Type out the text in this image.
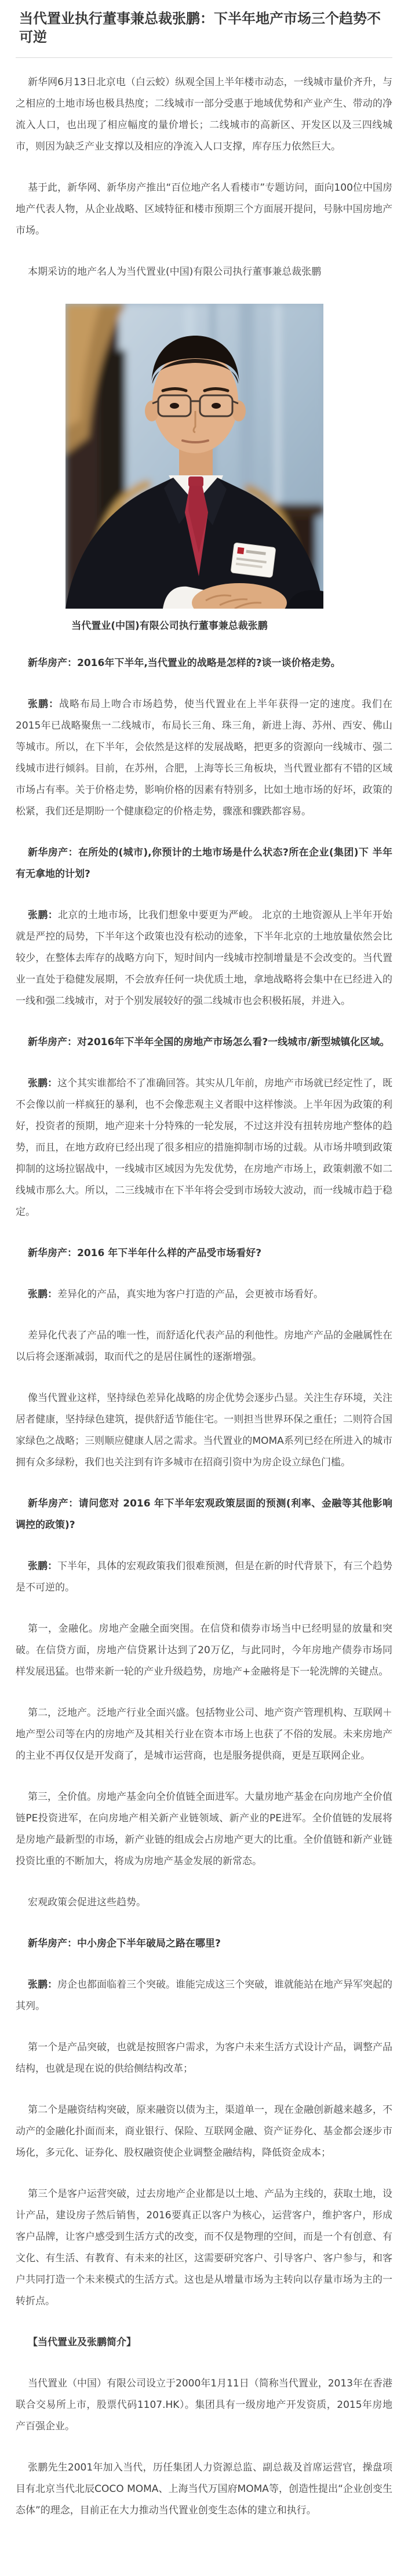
当代置业执行董事兼总裁张鹏：下半年地产市场三个趋势不可逆

新华网6月13日北京电（白云蛟）纵观全国上半年楼市动态，一线城市量价齐升，与之相应的土地市场也极具热度；二线城市一部分受惠于地域优势和产业产生、带动的净流入人口，也出现了相应幅度的量价增长；二线城市的高新区、开发区以及三四线城市，则因为缺乏产业支撑以及相应的净流入人口支撑，库存压力依然巨大。

基于此，新华网、新华房产推出“百位地产名人看楼市”专题访问，面向100位中国房地产代表人物，从企业战略、区域特征和楼市预期三个方面展开提问，号脉中国房地产市场。

本期采访的地产名人为当代置业(中国)有限公司执行董事兼总裁张鹏

当代置业(中国)有限公司执行董事兼总裁张鹏

新华房产：2016年下半年,当代置业的战略是怎样的?谈一谈价格走势。

张鹏：战略布局上吻合市场趋势，使当代置业在上半年获得一定的速度。我们在2015年已战略聚焦一二线城市，布局长三角、珠三角，新进上海、苏州、西安、佛山等城市。所以，在下半年，会依然是这样的发展战略，把更多的资源向一线城市、强二线城市进行倾斜。目前，在苏州，合肥，上海等长三角板块，当代置业都有不错的区域市场占有率。关于价格走势，影响价格的因素有特别多，比如土地市场的好坏，政策的松紧，我们还是期盼一个健康稳定的价格走势，骤涨和骤跌都容易。

新华房产：在所处的(城市),你预计的土地市场是什么状态?所在企业(集团)下 半年有无拿地的计划?

张鹏：北京的土地市场，比我们想象中要更为严峻。 北京的土地资源从上半年开始就是严控的局势，下半年这个政策也没有松动的迹象，下半年北京的土地放量依然会比较少，在整体去库存的战略方向下，短时间内一线城市控制增量是不会改变的。当代置业一直处于稳健发展期，不会放弃任何一块优质土地，拿地战略将会集中在已经进入的一线和强二线城市，对于个别发展较好的强二线城市也会积极拓展，并进入。

新华房产：对2016年下半年全国的房地产市场怎么看?一线城市/新型城镇化区域。

张鹏：这个其实谁都给不了准确回答。其实从几年前，房地产市场就已经定性了，既不会像以前一样疯狂的暴利，也不会像悲观主义者眼中这样惨淡。上半年因为政策的利好，投资者的预期，地产迎来十分特殊的一轮发展，不过这并没有扭转房地产整体的趋势，而且，在地方政府已经出现了很多相应的措施抑制市场的过载。从市场井喷到政策抑制的这场拉锯战中，一线城市区域因为先发优势，在房地产市场上，政策刺激不如二线城市那么大。所以，二三线城市在下半年将会受到市场较大波动，而一线城市趋于稳定。

新华房产：2016 年下半年什么样的产品受市场看好?

张鹏：差异化的产品，真实地为客户打造的产品，会更被市场看好。

差异化代表了产品的唯一性，而舒适化代表产品的利他性。房地产产品的金融属性在以后将会逐渐减弱，取而代之的是居住属性的逐渐增强。

像当代置业这样，坚持绿色差异化战略的房企优势会逐步凸显。关注生存环境，关注居者健康，坚持绿色建筑，提供舒适节能住宅。一则担当世界环保之重任；二则符合国家绿色之战略；三则顺应健康人居之需求。当代置业的MOMA系列已经在所进入的城市拥有众多绿粉，我们也关注到有许多城市在招商引资中为房企设立绿色门槛。

新华房产：请问您对 2016 年下半年宏观政策层面的预测(利率、金融等其他影响 调控的政策)?

张鹏：下半年，具体的宏观政策我们很难预测，但是在新的时代背景下，有三个趋势是不可逆的。

第一，金融化。房地产金融全面突围。在信贷和债券市场当中已经明显的放量和突破。在信贷方面，房地产信贷累计达到了20万亿，与此同时，今年房地产债券市场同样发展迅猛。也带来新一轮的产业升级趋势，房地产+金融将是下一轮洗牌的关键点。

第二，泛地产。泛地产行业全面兴盛。包括物业公司、地产资产管理机构、互联网＋地产型公司等在内的房地产及其相关行业在资本市场上也获了不俗的发展。未来房地产的主业不再仅仅是开发商了，是城市运营商，也是服务提供商，更是互联网企业。

第三，全价值。房地产基金向全价值链全面进军。大量房地产基金在向房地产全价值链PE投资进军，在向房地产相关新产业链领域、新产业的PE进军。全价值链的发展将是房地产最新型的市场，新产业链的组成会占房地产更大的比重。全价值链和新产业链投资比重的不断加大，将成为房地产基金发展的新常态。

宏观政策会促进这些趋势。

新华房产：中小房企下半年破局之路在哪里?

张鹏：房企也都面临着三个突破。谁能完成这三个突破，谁就能站在地产异军突起的其列。

第一个是产品突破，也就是按照客户需求，为客户未来生活方式设计产品，调整产品结构，也就是现在说的供给侧结构改革；

第二个是融资结构突破，原来融资以债为主，渠道单一，现在金融创新越来越多，不动产的金融化扑面而来，商业银行、保险、互联网金融、资产证券化、基金都会逐步市场化，多元化、证券化、股权融资使企业调整金融结构，降低资金成本；

第三个是客户运营突破，过去房地产企业都是以土地、产品为主线的，获取土地，设计产品，建设房子然后销售，2016要真正以客户为核心，运营客户，维护客户，形成客户品牌，让客户感受到生活方式的改变，而不仅是物理的空间，而是一个有创意、有文化、有生活、有教育、有未来的社区，这需要研究客户、引导客户、客户参与，和客户共同打造一个未来模式的生活方式。这也是从增量市场为主转向以存量市场为主的一转折点。

【当代置业及张鹏简介】

当代置业（中国）有限公司设立于2000年1月11日（简称当代置业，2013年在香港联合交易所上市，股票代码1107.HK）。集团具有一级房地产开发资质，2015年房地产百强企业。

张鹏先生2001年加入当代，历任集团人力资源总监、副总裁及首席运营官，操盘项目有北京当代北辰COCO MOMA、上海当代万国府MOMA等，创造性提出“企业创变生态体”的理念，目前正在大力推动当代置业创变生态体的建立和执行。
